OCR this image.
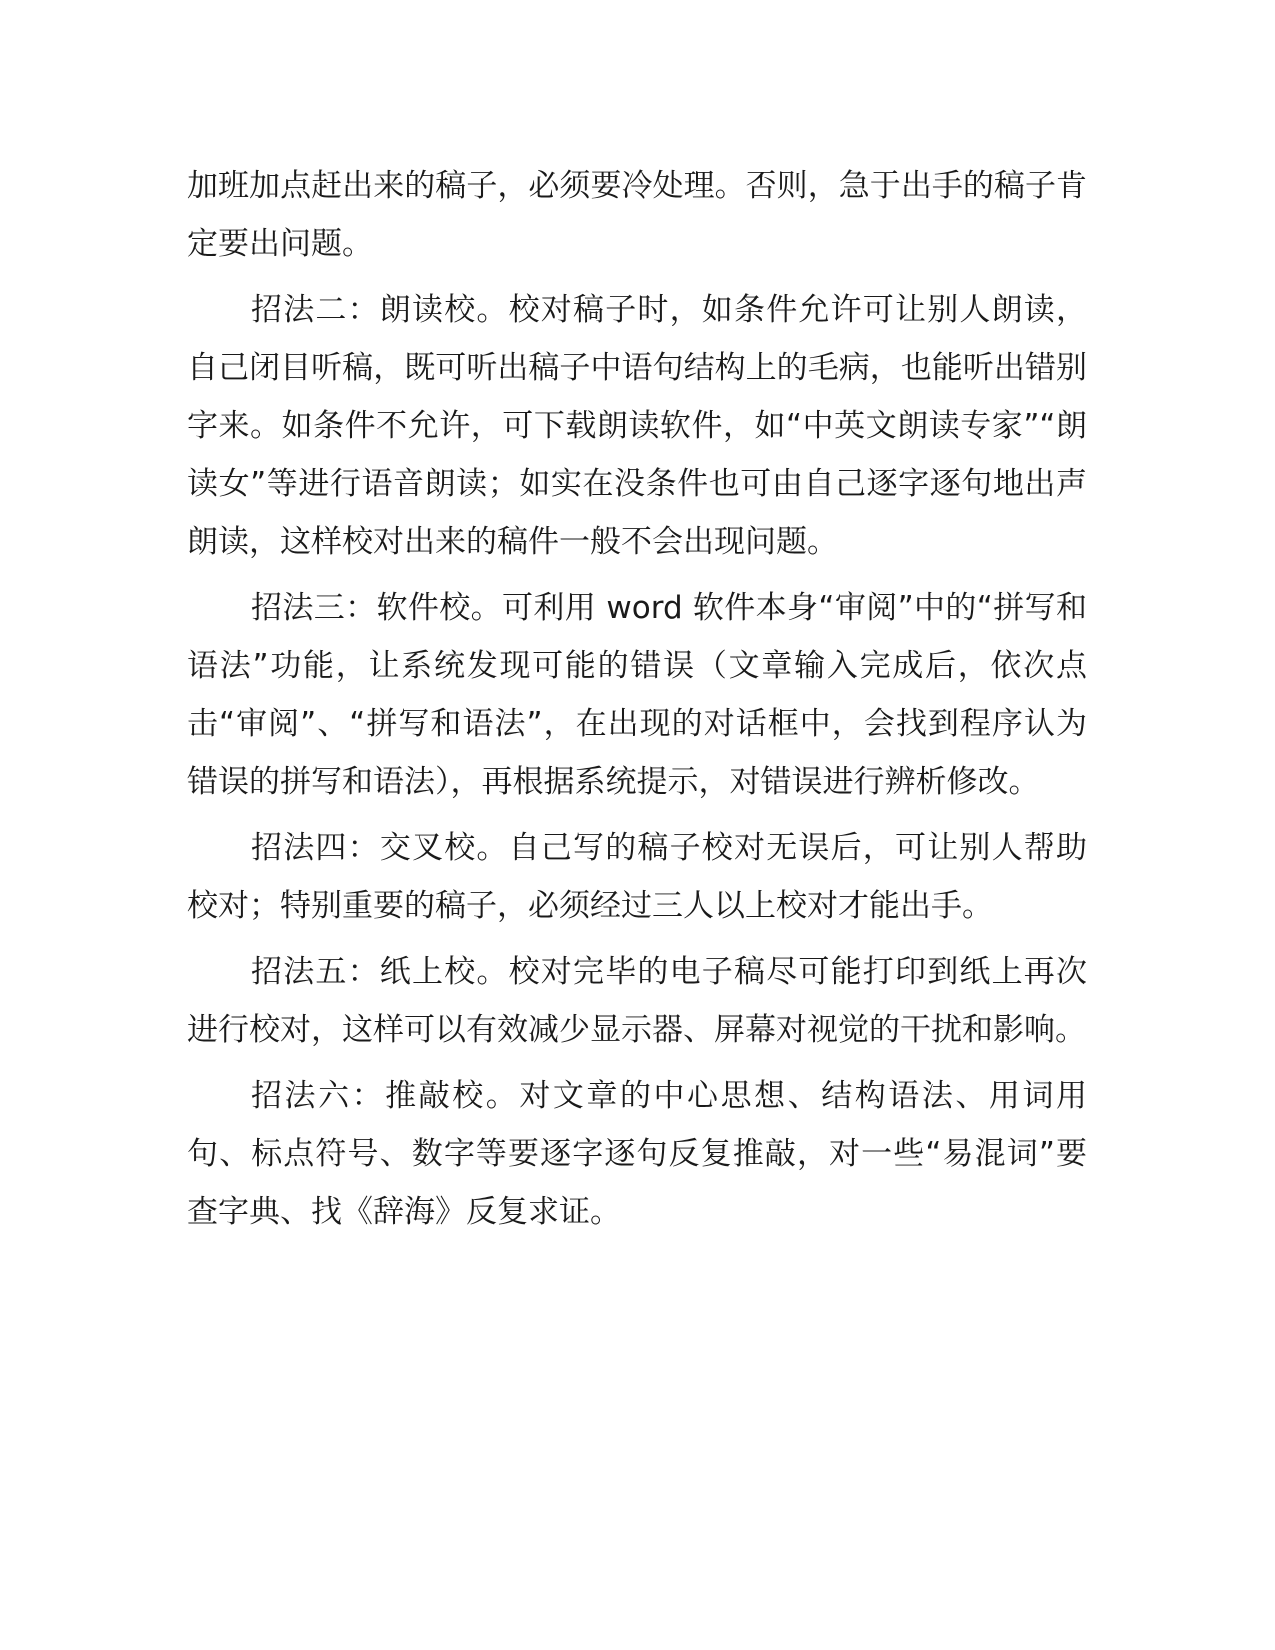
加班加点赶出来的稿子，必须要冷处理。否则，急于出手的稿子肯定要出问题。

招法二：朗读校。校对稿子时，如条件允许可让别人朗读，自己闭目听稿，既可听出稿子中语句结构上的毛病，也能听出错别字来。如条件不允许，可下载朗读软件，如“中英文朗读专家”“朗读女”等进行语音朗读；如实在没条件也可由自己逐字逐句地出声朗读，这样校对出来的稿件一般不会出现问题。

招法三：软件校。可利用 word 软件本身“审阅”中的“拼写和语法”功能，让系统发现可能的错误（文章输入完成后，依次点击“审阅”、“拼写和语法”，在出现的对话框中，会找到程序认为错误的拼写和语法），再根据系统提示，对错误进行辨析修改。

招法四：交叉校。自己写的稿子校对无误后，可让别人帮助校对；特别重要的稿子，必须经过三人以上校对才能出手。

招法五：纸上校。校对完毕的电子稿尽可能打印到纸上再次进行校对，这样可以有效减少显示器、屏幕对视觉的干扰和影响。

招法六：推敲校。对文章的中心思想、结构语法、用词用句、标点符号、数字等要逐字逐句反复推敲，对一些“易混词”要查字典、找《辞海》反复求证。
